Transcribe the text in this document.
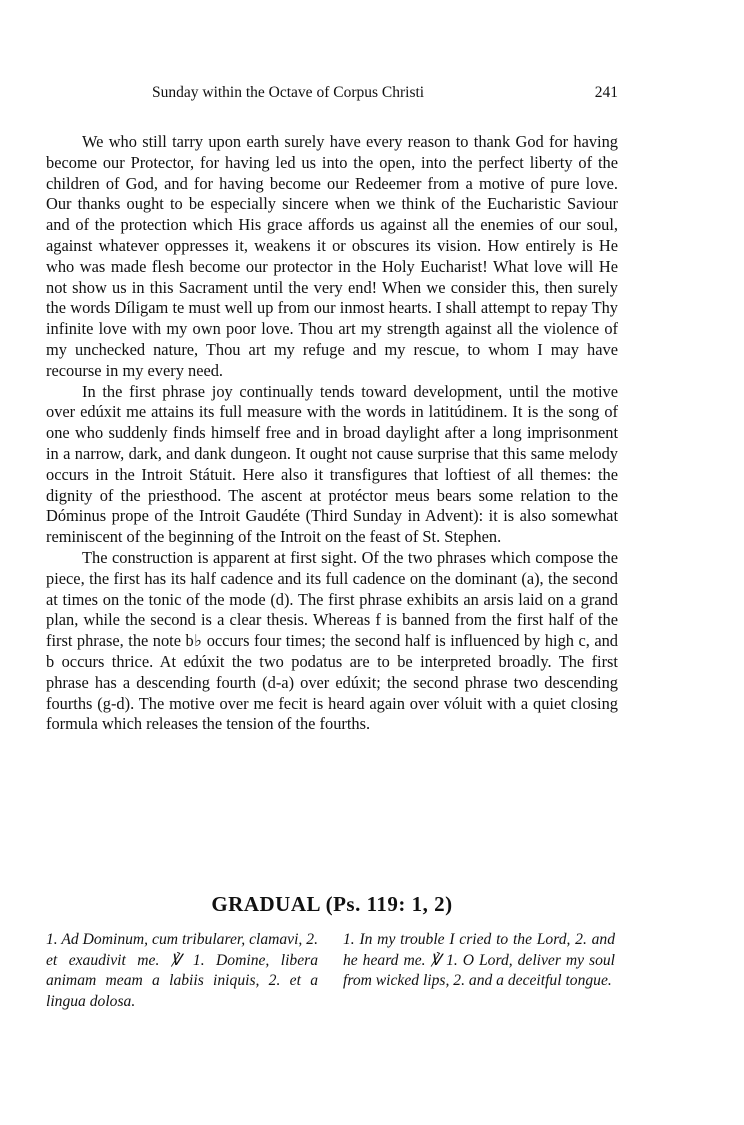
Sunday within the Octave of Corpus Christi	241

We who still tarry upon earth surely have every reason to thank God for having become our Protector, for having led us into the open, into the perfect liberty of the children of God, and for having become our Redeemer from a motive of pure love. Our thanks ought to be especially sincere when we think of the Eucharistic Saviour and of the protection which His grace affords us against all the enemies of our soul, against whatever oppresses it, weakens it or obscures its vision. How entirely is He who was made flesh become our protector in the Holy Eucharist! What love will He not show us in this Sacrament until the very end! When we consider this, then surely the words Díligam te must well up from our inmost hearts. I shall attempt to repay Thy infinite love with my own poor love. Thou art my strength against all the violence of my unchecked nature, Thou art my refuge and my rescue, to whom I may have recourse in my every need.

In the first phrase joy continually tends toward development, until the motive over edúxit me attains its full measure with the words in latitúdinem. It is the song of one who suddenly finds himself free and in broad daylight after a long imprisonment in a narrow, dark, and dank dungeon. It ought not cause surprise that this same melody occurs in the Introit Státuit. Here also it transfigures that loftiest of all themes: the dignity of the priesthood. The ascent at protéctor meus bears some relation to the Dóminus prope of the Introit Gaudéte (Third Sunday in Advent): it is also somewhat reminiscent of the beginning of the Introit on the feast of St. Stephen.

The construction is apparent at first sight. Of the two phrases which compose the piece, the first has its half cadence and its full cadence on the dominant (a), the second at times on the tonic of the mode (d). The first phrase exhibits an arsis laid on a grand plan, while the second is a clear thesis. Whereas f is banned from the first half of the first phrase, the note b♭ occurs four times; the second half is influenced by high c, and b occurs thrice. At edúxit the two podatus are to be interpreted broadly. The first phrase has a descending fourth (d-a) over edúxit; the second phrase two descending fourths (g-d). The motive over me fecit is heard again over vóluit with a quiet closing formula which releases the tension of the fourths.

GRADUAL (Ps. 119: 1, 2)
1. Ad Dominum, cum tribularer, clamavi, 2. et exaudivit me. ℣ 1. Domine, libera animam meam a labiis iniquis, 2. et a lingua dolosa.
1. In my trouble I cried to the Lord, 2. and he heard me. ℣ 1. O Lord, deliver my soul from wicked lips, 2. and a deceitful tongue.
